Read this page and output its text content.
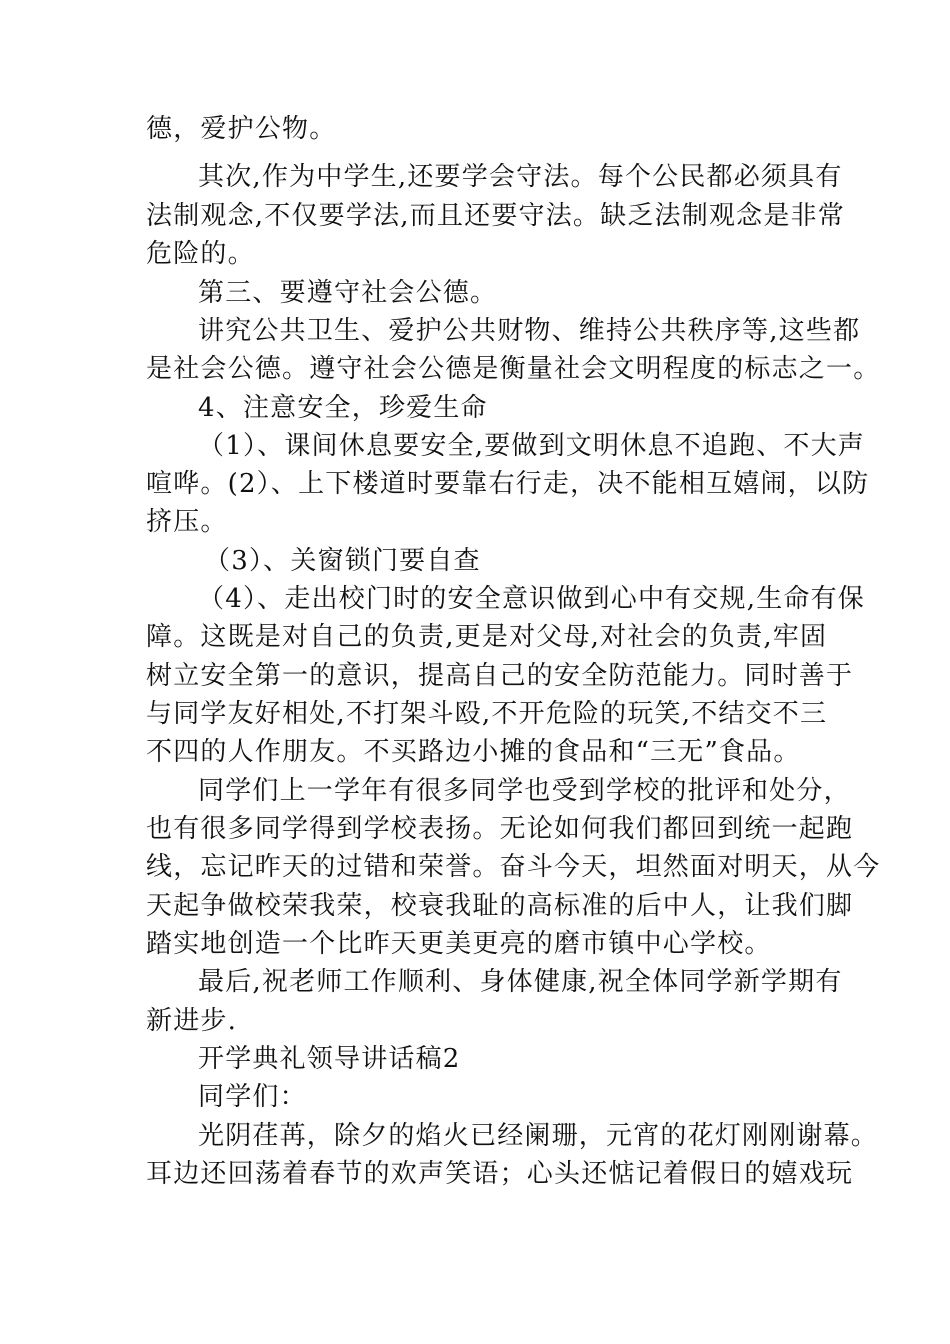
德，爱护公物。
其次,作为中学生,还要学会守法。每个公民都必须具有
法制观念,不仅要学法,而且还要守法。缺乏法制观念是非常
危险的。
第三、要遵守社会公德。
讲究公共卫生、爱护公共财物、维持公共秩序等,这些都
是社会公德。遵守社会公德是衡量社会文明程度的标志之一。
4、注意安全，珍爱生命
（1）、课间休息要安全,要做到文明休息不追跑、不大声
喧哗。(2）、上下楼道时要靠右行走，决不能相互嬉闹，以防
挤压。
（3）、关窗锁门要自查
（4）、走出校门时的安全意识做到心中有交规,生命有保
障。这既是对自己的负责,更是对父母,对社会的负责,牢固
树立安全第一的意识，提高自己的安全防范能力。同时善于
与同学友好相处,不打架斗殴,不开危险的玩笑,不结交不三
不四的人作朋友。不买路边小摊的食品和“三无”食品。
同学们上一学年有很多同学也受到学校的批评和处分，
也有很多同学得到学校表扬。无论如何我们都回到统一起跑
线，忘记昨天的过错和荣誉。奋斗今天，坦然面对明天，从今
天起争做校荣我荣，校衰我耻的高标准的后中人，让我们脚
踏实地创造一个比昨天更美更亮的磨市镇中心学校。
最后,祝老师工作顺利、身体健康,祝全体同学新学期有
新进步.
开学典礼领导讲话稿2
同学们：
光阴荏苒，除夕的焰火已经阑珊，元宵的花灯刚刚谢幕。
耳边还回荡着春节的欢声笑语；心头还惦记着假日的嬉戏玩
